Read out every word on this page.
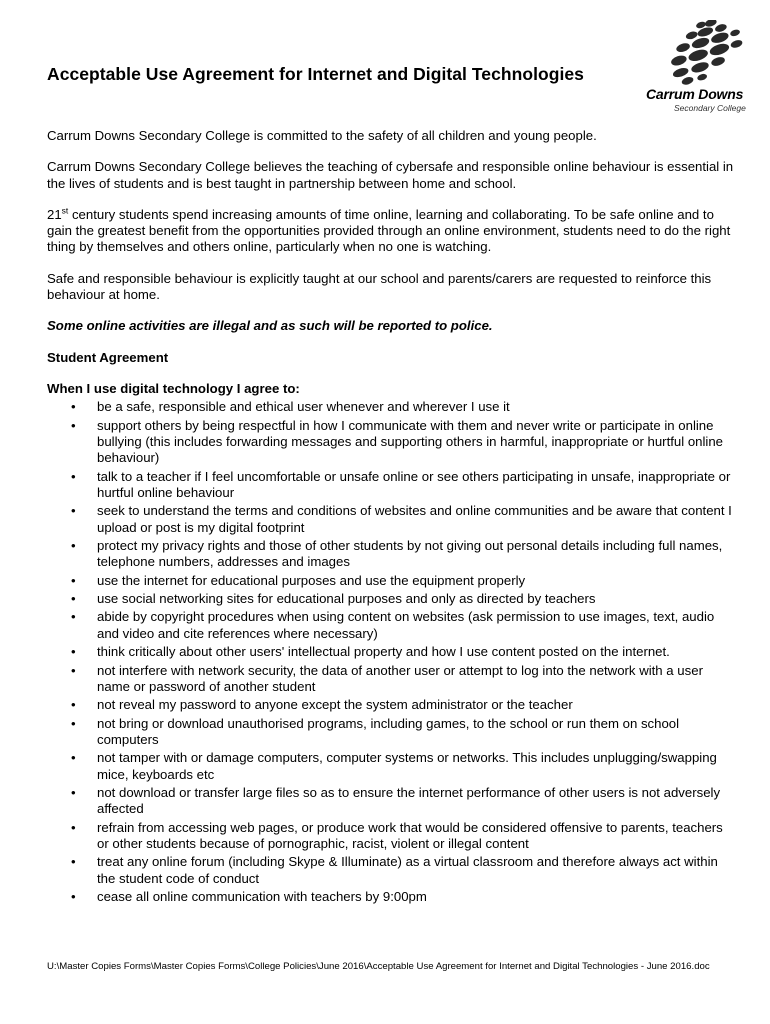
Acceptable Use Agreement for Internet and Digital Technologies
Carrum Downs
Secondary College

Carrum Downs Secondary College is committed to the safety of all children and young people.

Carrum Downs Secondary College believes the teaching of cybersafe and responsible online behaviour is essential in the lives of students and is best taught in partnership between home and school.

21st century students spend increasing amounts of time online, learning and collaborating. To be safe online and to gain the greatest benefit from the opportunities provided through an online environment, students need to do the right thing by themselves and others online, particularly when no one is watching.

Safe and responsible behaviour is explicitly taught at our school and parents/carers are requested to reinforce this behaviour at home.

Some online activities are illegal and as such will be reported to police.

Student Agreement

When I use digital technology I agree to:

• be a safe, responsible and ethical user whenever and wherever I use it
• support others by being respectful in how I communicate with them and never write or participate in online bullying (this includes forwarding messages and supporting others in harmful, inappropriate or hurtful online behaviour)
• talk to a teacher if I feel uncomfortable or unsafe online or see others participating in unsafe, inappropriate or hurtful online behaviour
• seek to understand the terms and conditions of websites and online communities and be aware that content I upload or post is my digital footprint
• protect my privacy rights and those of other students by not giving out personal details including full names, telephone numbers, addresses and images
• use the internet for educational purposes and use the equipment properly
• use social networking sites for educational purposes and only as directed by teachers
• abide by copyright procedures when using content on websites (ask permission to use images, text, audio and video and cite references where necessary)
• think critically about other users' intellectual property and how I use content posted on the internet.
• not interfere with network security, the data of another user or attempt to log into the network with a user name or password of another student
• not reveal my password to anyone except the system administrator or the teacher
• not bring or download unauthorised programs, including games, to the school or run them on school computers
• not tamper with or damage computers, computer systems or networks. This includes unplugging/swapping mice, keyboards etc
• not download or transfer large files so as to ensure the internet performance of other users is not adversely affected
• refrain from accessing web pages, or produce work that would be considered offensive to parents, teachers or other students because of pornographic, racist, violent or illegal content
• treat any online forum (including Skype & Illuminate) as a virtual classroom and therefore always act within the student code of conduct
• cease all online communication with teachers by 9:00pm
U:\Master Copies Forms\Master Copies Forms\College Policies\June 2016\Acceptable Use Agreement for Internet and Digital Technologies - June 2016.doc
